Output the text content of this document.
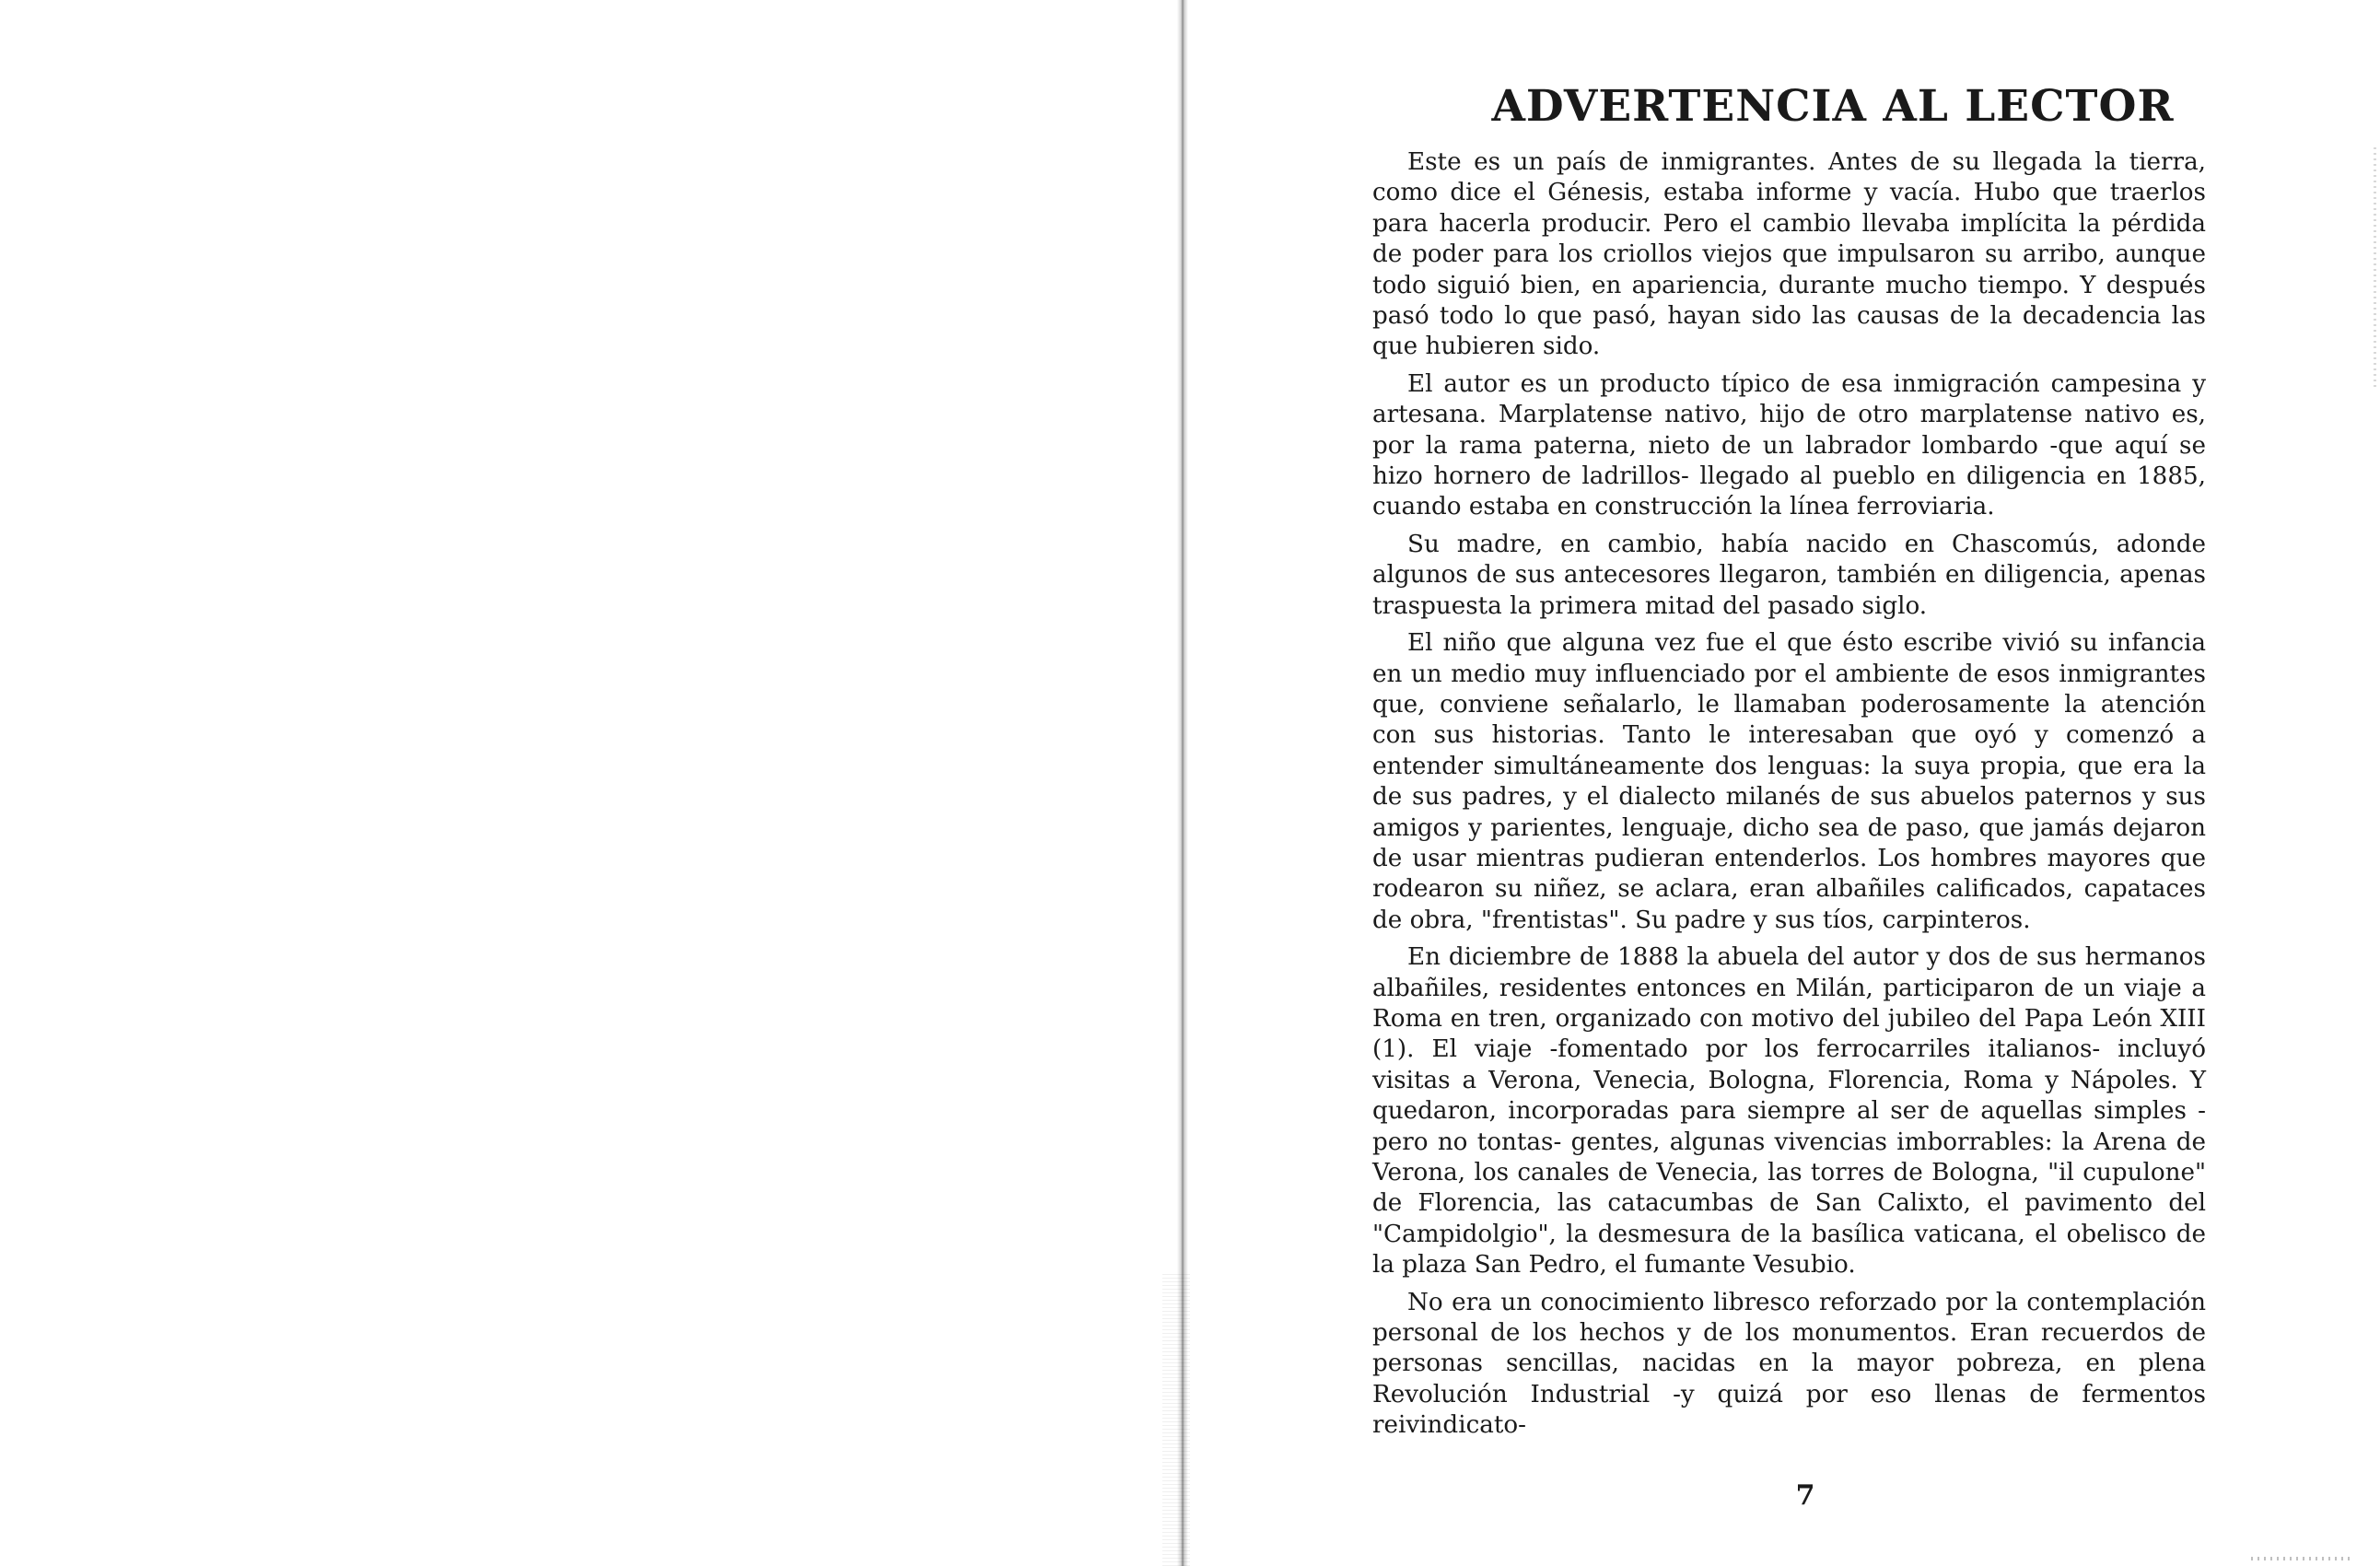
ADVERTENCIA AL LECTOR

Este es un país de inmigrantes. Antes de su llegada la tierra, como dice el Génesis, estaba informe y vacía. Hubo que traerlos para hacerla producir. Pero el cambio llevaba implícita la pérdida de poder para los criollos viejos que impulsaron su arribo, aunque todo siguió bien, en apariencia, durante mucho tiempo. Y después pasó todo lo que pasó, hayan sido las causas de la decadencia las que hubieren sido.

El autor es un producto típico de esa inmigración campesina y artesana. Marplatense nativo, hijo de otro marplatense nativo es, por la rama paterna, nieto de un labrador lombardo -que aquí se hizo hornero de ladrillos- llegado al pueblo en diligencia en 1885, cuando estaba en construcción la línea ferroviaria.

Su madre, en cambio, había nacido en Chascomús, adonde algunos de sus antecesores llegaron, también en diligencia, apenas traspuesta la primera mitad del pasado siglo.

El niño que alguna vez fue el que ésto escribe vivió su infancia en un medio muy influenciado por el ambiente de esos inmigrantes que, conviene señalarlo, le llamaban poderosamente la atención con sus historias. Tanto le interesaban que oyó y comenzó a entender simultáneamente dos lenguas: la suya propia, que era la de sus padres, y el dialecto milanés de sus abuelos paternos y sus amigos y parientes, lenguaje, dicho sea de paso, que jamás dejaron de usar mientras pudieran entenderlos. Los hombres mayores que rodearon su niñez, se aclara, eran albañiles calificados, capataces de obra, "frentistas". Su padre y sus tíos, carpinteros.

En diciembre de 1888 la abuela del autor y dos de sus hermanos albañiles, residentes entonces en Milán, participaron de un viaje a Roma en tren, organizado con motivo del jubileo del Papa León XIII (1). El viaje -fomentado por los ferrocarriles italianos- incluyó visitas a Verona, Venecia, Bologna, Florencia, Roma y Nápoles. Y quedaron, incorporadas para siempre al ser de aquellas simples -pero no tontas- gentes, algunas vivencias imborrables: la Arena de Verona, los canales de Venecia, las torres de Bologna, "il cupulone" de Florencia, las catacumbas de San Calixto, el pavimento del "Campidolgio", la desmesura de la basílica vaticana, el obelisco de la plaza San Pedro, el fumante Vesubio.

No era un conocimiento libresco reforzado por la contemplación personal de los hechos y de los monumentos. Eran recuerdos de personas sencillas, nacidas en la mayor pobreza, en plena Revolución Industrial -y quizá por eso llenas de fermentos reivindicato-

7
